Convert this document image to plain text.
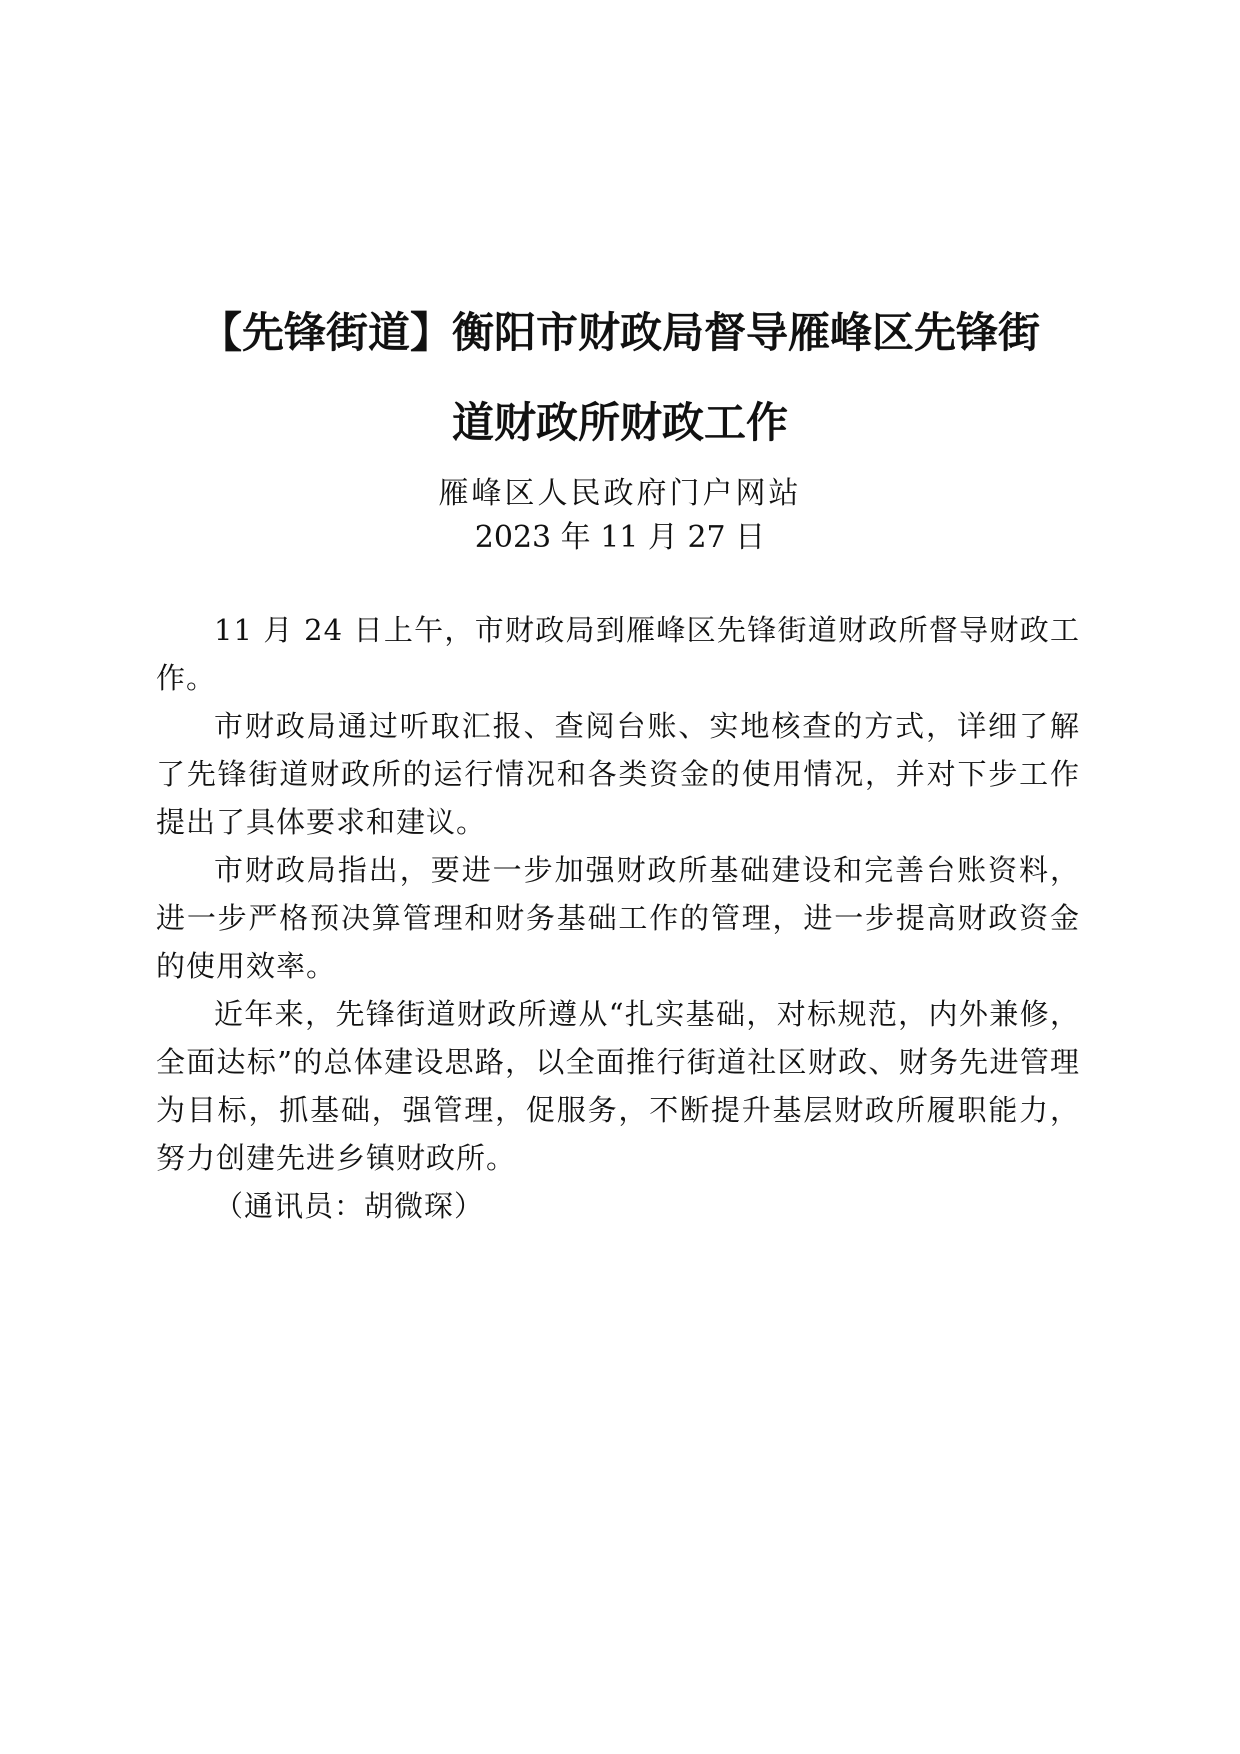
【先锋街道】衡阳市财政局督导雁峰区先锋街
道财政所财政工作
雁峰区人民政府门户网站
2023 年 11 月 27 日

11 月 24 日上午，市财政局到雁峰区先锋街道财政所督导财政工作。

市财政局通过听取汇报、查阅台账、实地核查的方式，详细了解了先锋街道财政所的运行情况和各类资金的使用情况，并对下步工作提出了具体要求和建议。

市财政局指出，要进一步加强财政所基础建设和完善台账资料，进一步严格预决算管理和财务基础工作的管理，进一步提高财政资金的使用效率。

近年来，先锋街道财政所遵从“扎实基础，对标规范，内外兼修，全面达标”的总体建设思路，以全面推行街道社区财政、财务先进管理为目标，抓基础，强管理，促服务，不断提升基层财政所履职能力，努力创建先进乡镇财政所。

（通讯员：胡微琛）
